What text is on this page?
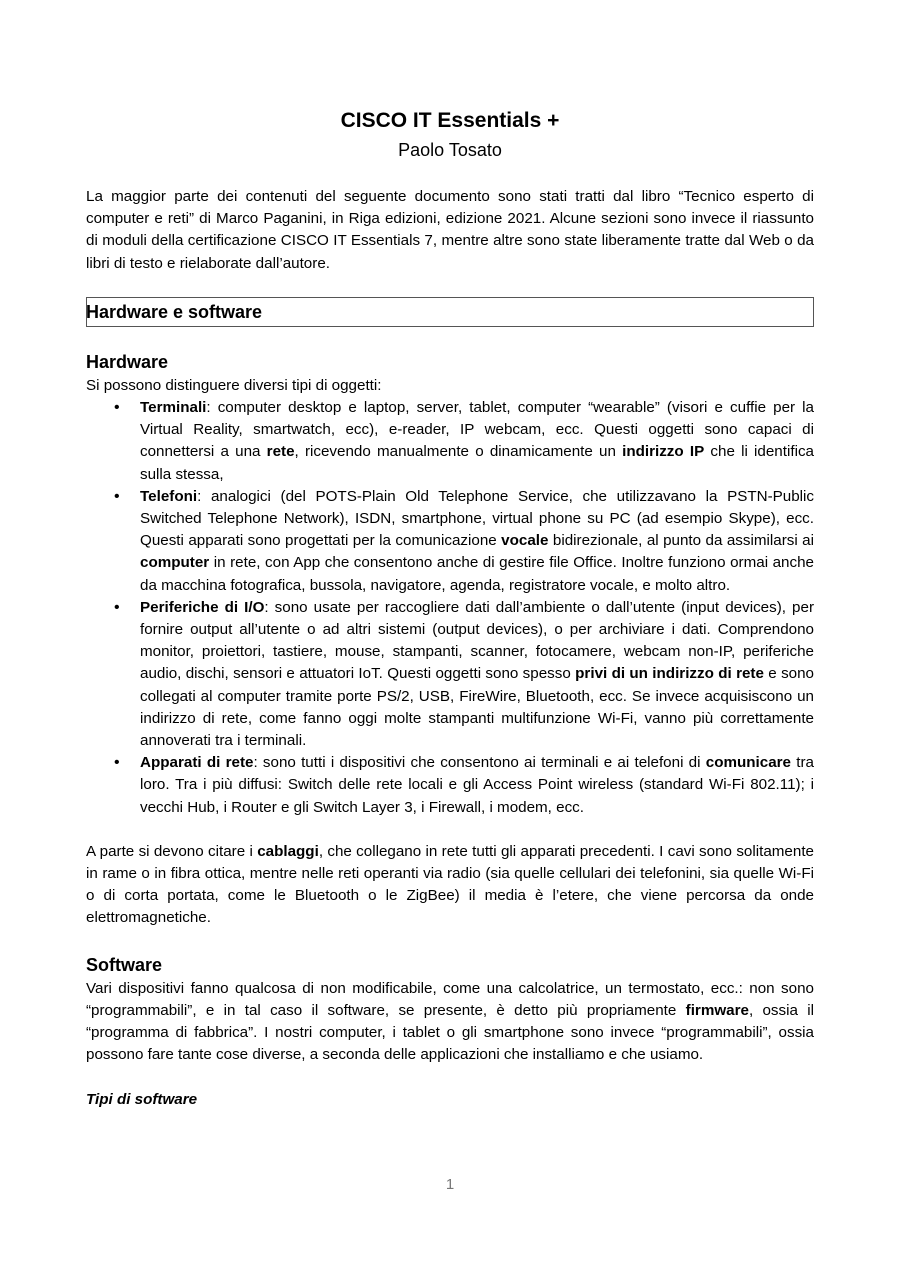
CISCO IT Essentials +
Paolo Tosato

La maggior parte dei contenuti del seguente documento sono stati tratti dal libro “Tecnico esperto di computer e reti” di Marco Paganini, in Riga edizioni, edizione 2021. Alcune sezioni sono invece il riassunto di moduli della certificazione CISCO IT Essentials 7, mentre altre sono state liberamente tratte dal Web o da libri di testo e rielaborate dall’autore.

Hardware e software
Hardware

Si possono distinguere diversi tipi di oggetti:

• Terminali: computer desktop e laptop, server, tablet, computer “wearable” (visori e cuffie per la Virtual Reality, smartwatch, ecc), e-reader, IP webcam, ecc. Questi oggetti sono capaci di connettersi a una rete, ricevendo manualmente o dinamicamente un indirizzo IP che li identifica sulla stessa,
• Telefoni: analogici (del POTS-Plain Old Telephone Service, che utilizzavano la PSTN-Public Switched Telephone Network), ISDN, smartphone, virtual phone su PC (ad esempio Skype), ecc. Questi apparati sono progettati per la comunicazione vocale bidirezionale, al punto da assimilarsi ai computer in rete, con App che consentono anche di gestire file Office. Inoltre funziono ormai anche da macchina fotografica, bussola, navigatore, agenda, registratore vocale, e molto altro.
• Periferiche di I/O: sono usate per raccogliere dati dall’ambiente o dall’utente (input devices), per fornire output all’utente o ad altri sistemi (output devices), o per archiviare i dati. Comprendono monitor, proiettori, tastiere, mouse, stampanti, scanner, fotocamere, webcam non-IP, periferiche audio, dischi, sensori e attuatori IoT. Questi oggetti sono spesso privi di un indirizzo di rete e sono collegati al computer tramite porte PS/2, USB, FireWire, Bluetooth, ecc. Se invece acquisiscono un indirizzo di rete, come fanno oggi molte stampanti multifunzione Wi-Fi, vanno più correttamente annoverati tra i terminali.
• Apparati di rete: sono tutti i dispositivi che consentono ai terminali e ai telefoni di comunicare tra loro. Tra i più diffusi: Switch delle rete locali e gli Access Point wireless (standard Wi-Fi 802.11); i vecchi Hub, i Router e gli Switch Layer 3, i Firewall, i modem, ecc.

A parte si devono citare i cablaggi, che collegano in rete tutti gli apparati precedenti. I cavi sono solitamente in rame o in fibra ottica, mentre nelle reti operanti via radio (sia quelle cellulari dei telefonini, sia quelle Wi-Fi o di corta portata, come le Bluetooth o le ZigBee) il media è l’etere, che viene percorsa da onde elettromagnetiche.

Software

Vari dispositivi fanno qualcosa di non modificabile, come una calcolatrice, un termostato, ecc.: non sono “programmabili”, e in tal caso il software, se presente, è detto più propriamente firmware, ossia il “programma di fabbrica”. I nostri computer, i tablet o gli smartphone sono invece “programmabili”, ossia possono fare tante cose diverse, a seconda delle applicazioni che installiamo e che usiamo.

Tipi di software
1
